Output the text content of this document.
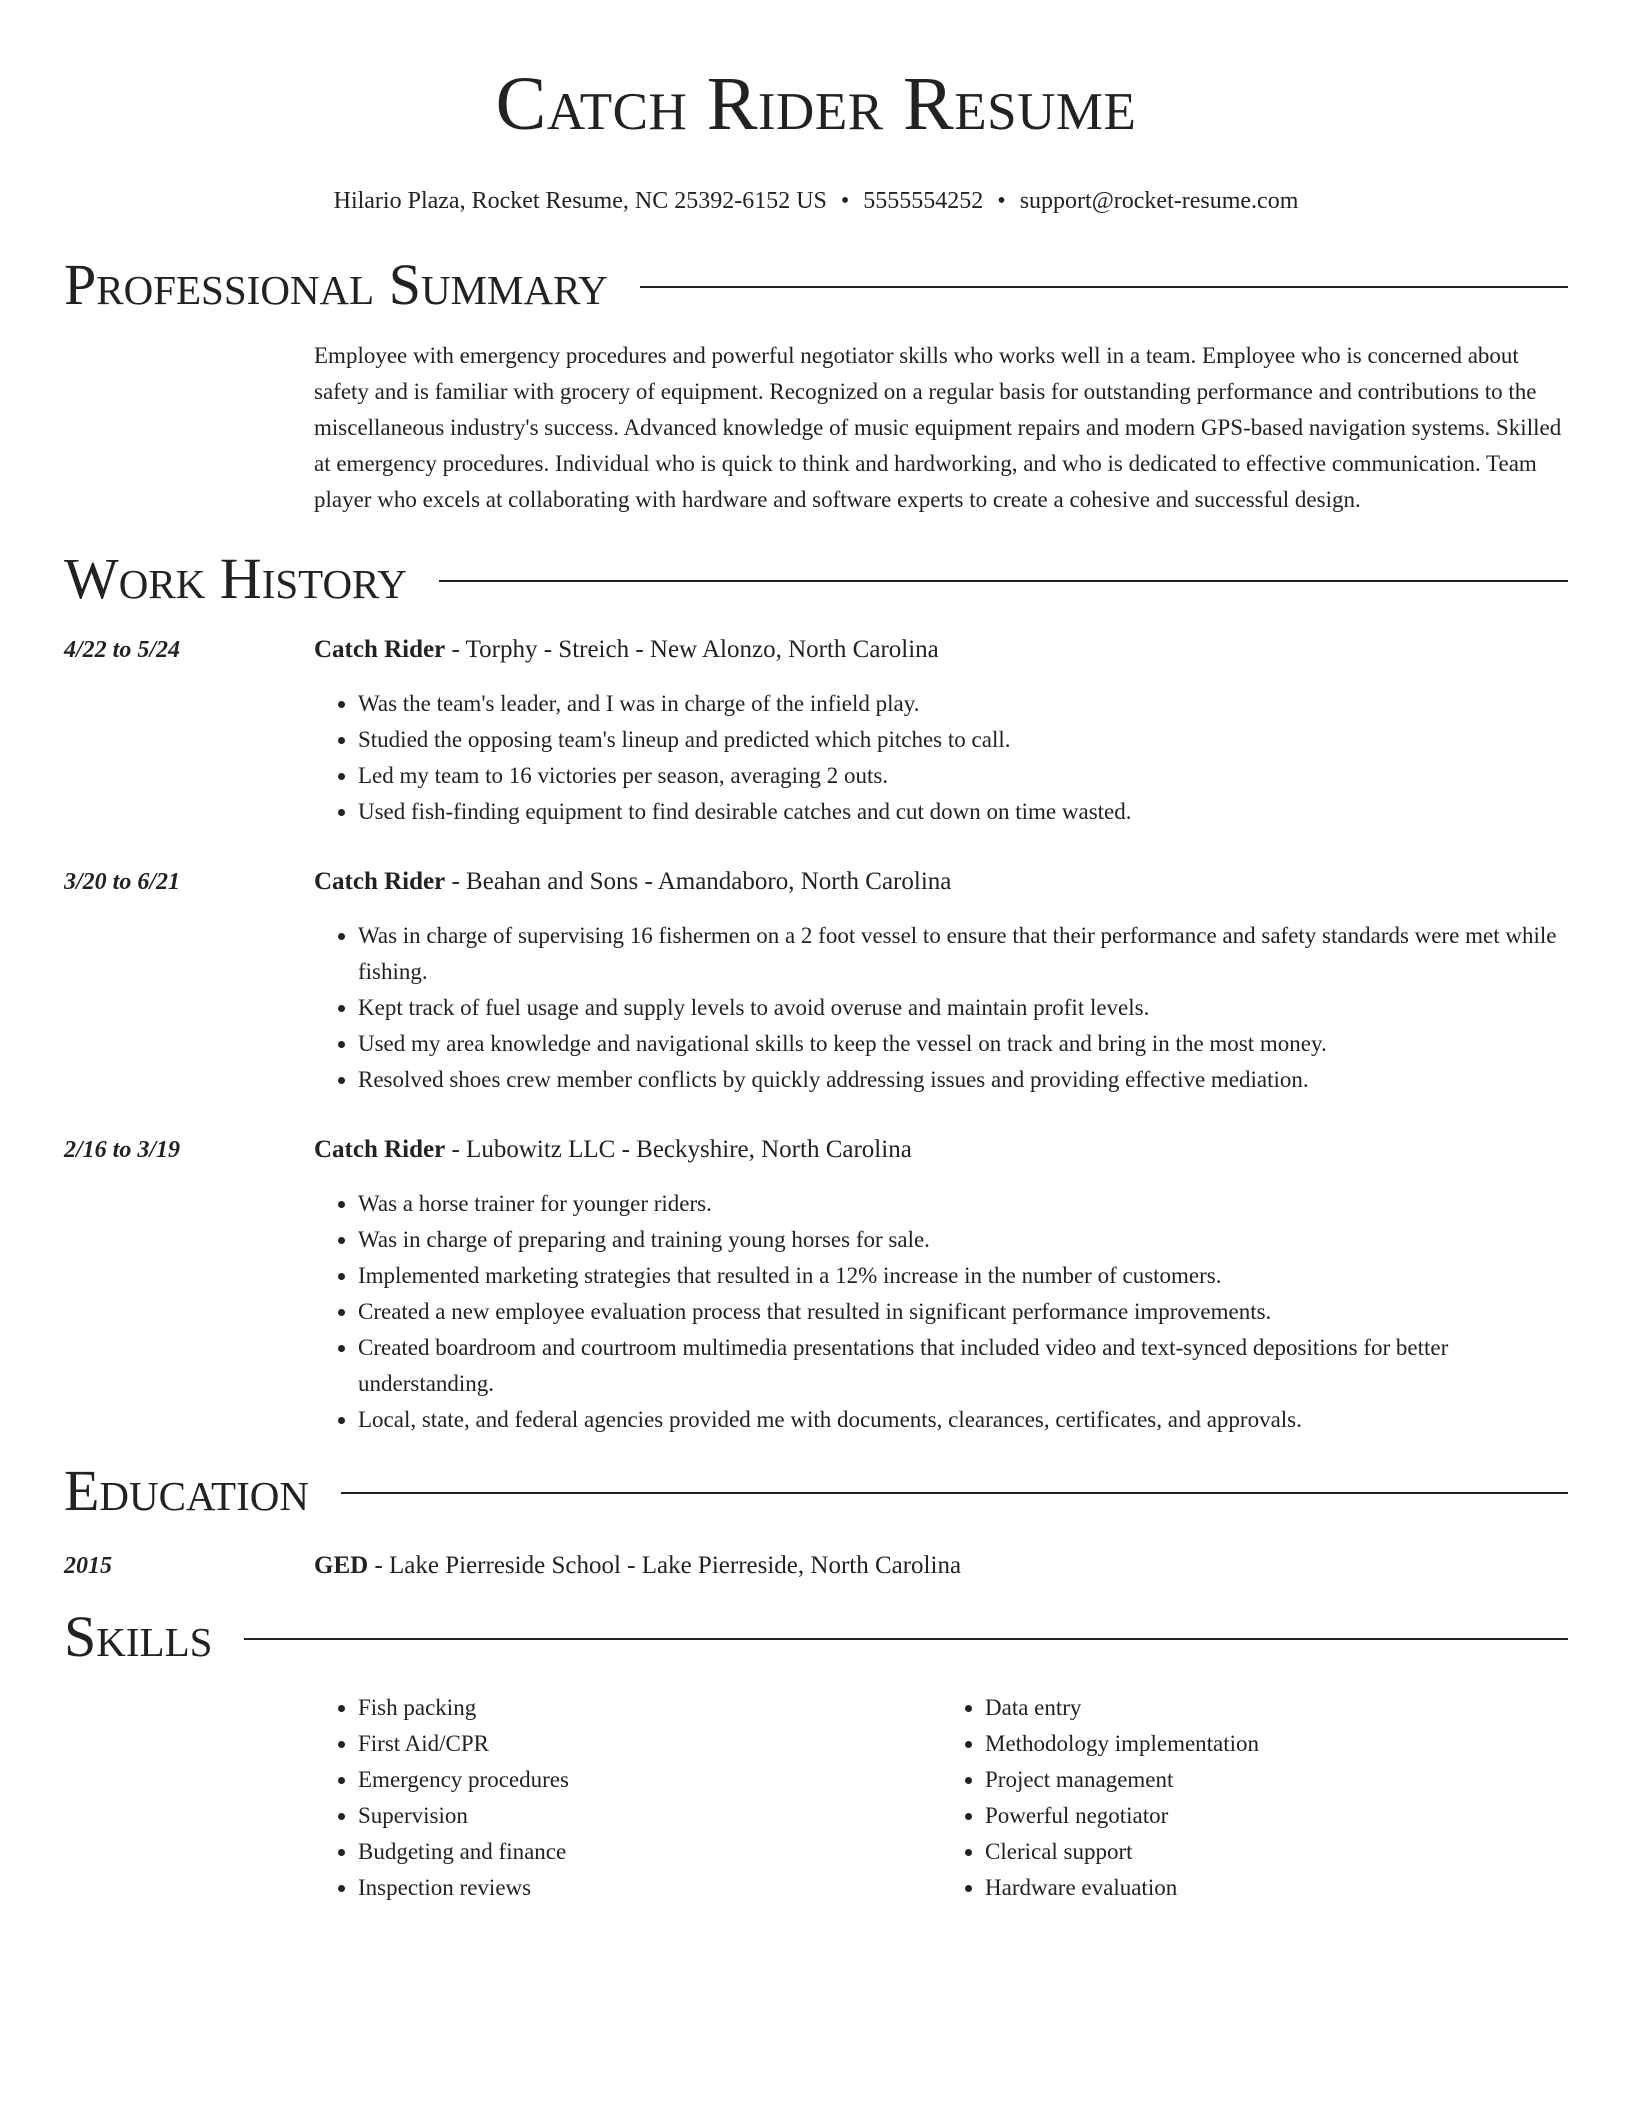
Catch Rider Resume
Hilario Plaza, Rocket Resume, NC 25392-6152 US • 5555554252 • support@rocket-resume.com
Professional Summary
Employee with emergency procedures and powerful negotiator skills who works well in a team. Employee who is concerned about safety and is familiar with grocery of equipment. Recognized on a regular basis for outstanding performance and contributions to the miscellaneous industry's success. Advanced knowledge of music equipment repairs and modern GPS-based navigation systems. Skilled at emergency procedures. Individual who is quick to think and hardworking, and who is dedicated to effective communication. Team player who excels at collaborating with hardware and software experts to create a cohesive and successful design.
Work History
4/22 to 5/24	Catch Rider - Torphy - Streich - New Alonzo, North Carolina
• Was the team's leader, and I was in charge of the infield play.
• Studied the opposing team's lineup and predicted which pitches to call.
• Led my team to 16 victories per season, averaging 2 outs.
• Used fish-finding equipment to find desirable catches and cut down on time wasted.
3/20 to 6/21	Catch Rider - Beahan and Sons - Amandaboro, North Carolina
• Was in charge of supervising 16 fishermen on a 2 foot vessel to ensure that their performance and safety standards were met while fishing.
• Kept track of fuel usage and supply levels to avoid overuse and maintain profit levels.
• Used my area knowledge and navigational skills to keep the vessel on track and bring in the most money.
• Resolved shoes crew member conflicts by quickly addressing issues and providing effective mediation.
2/16 to 3/19	Catch Rider - Lubowitz LLC - Beckyshire, North Carolina
• Was a horse trainer for younger riders.
• Was in charge of preparing and training young horses for sale.
• Implemented marketing strategies that resulted in a 12% increase in the number of customers.
• Created a new employee evaluation process that resulted in significant performance improvements.
• Created boardroom and courtroom multimedia presentations that included video and text-synced depositions for better understanding.
• Local, state, and federal agencies provided me with documents, clearances, certificates, and approvals.
Education
2015	GED - Lake Pierreside School - Lake Pierreside, North Carolina
Skills
• Fish packing
• First Aid/CPR
• Emergency procedures
• Supervision
• Budgeting and finance
• Inspection reviews
• Data entry
• Methodology implementation
• Project management
• Powerful negotiator
• Clerical support
• Hardware evaluation
